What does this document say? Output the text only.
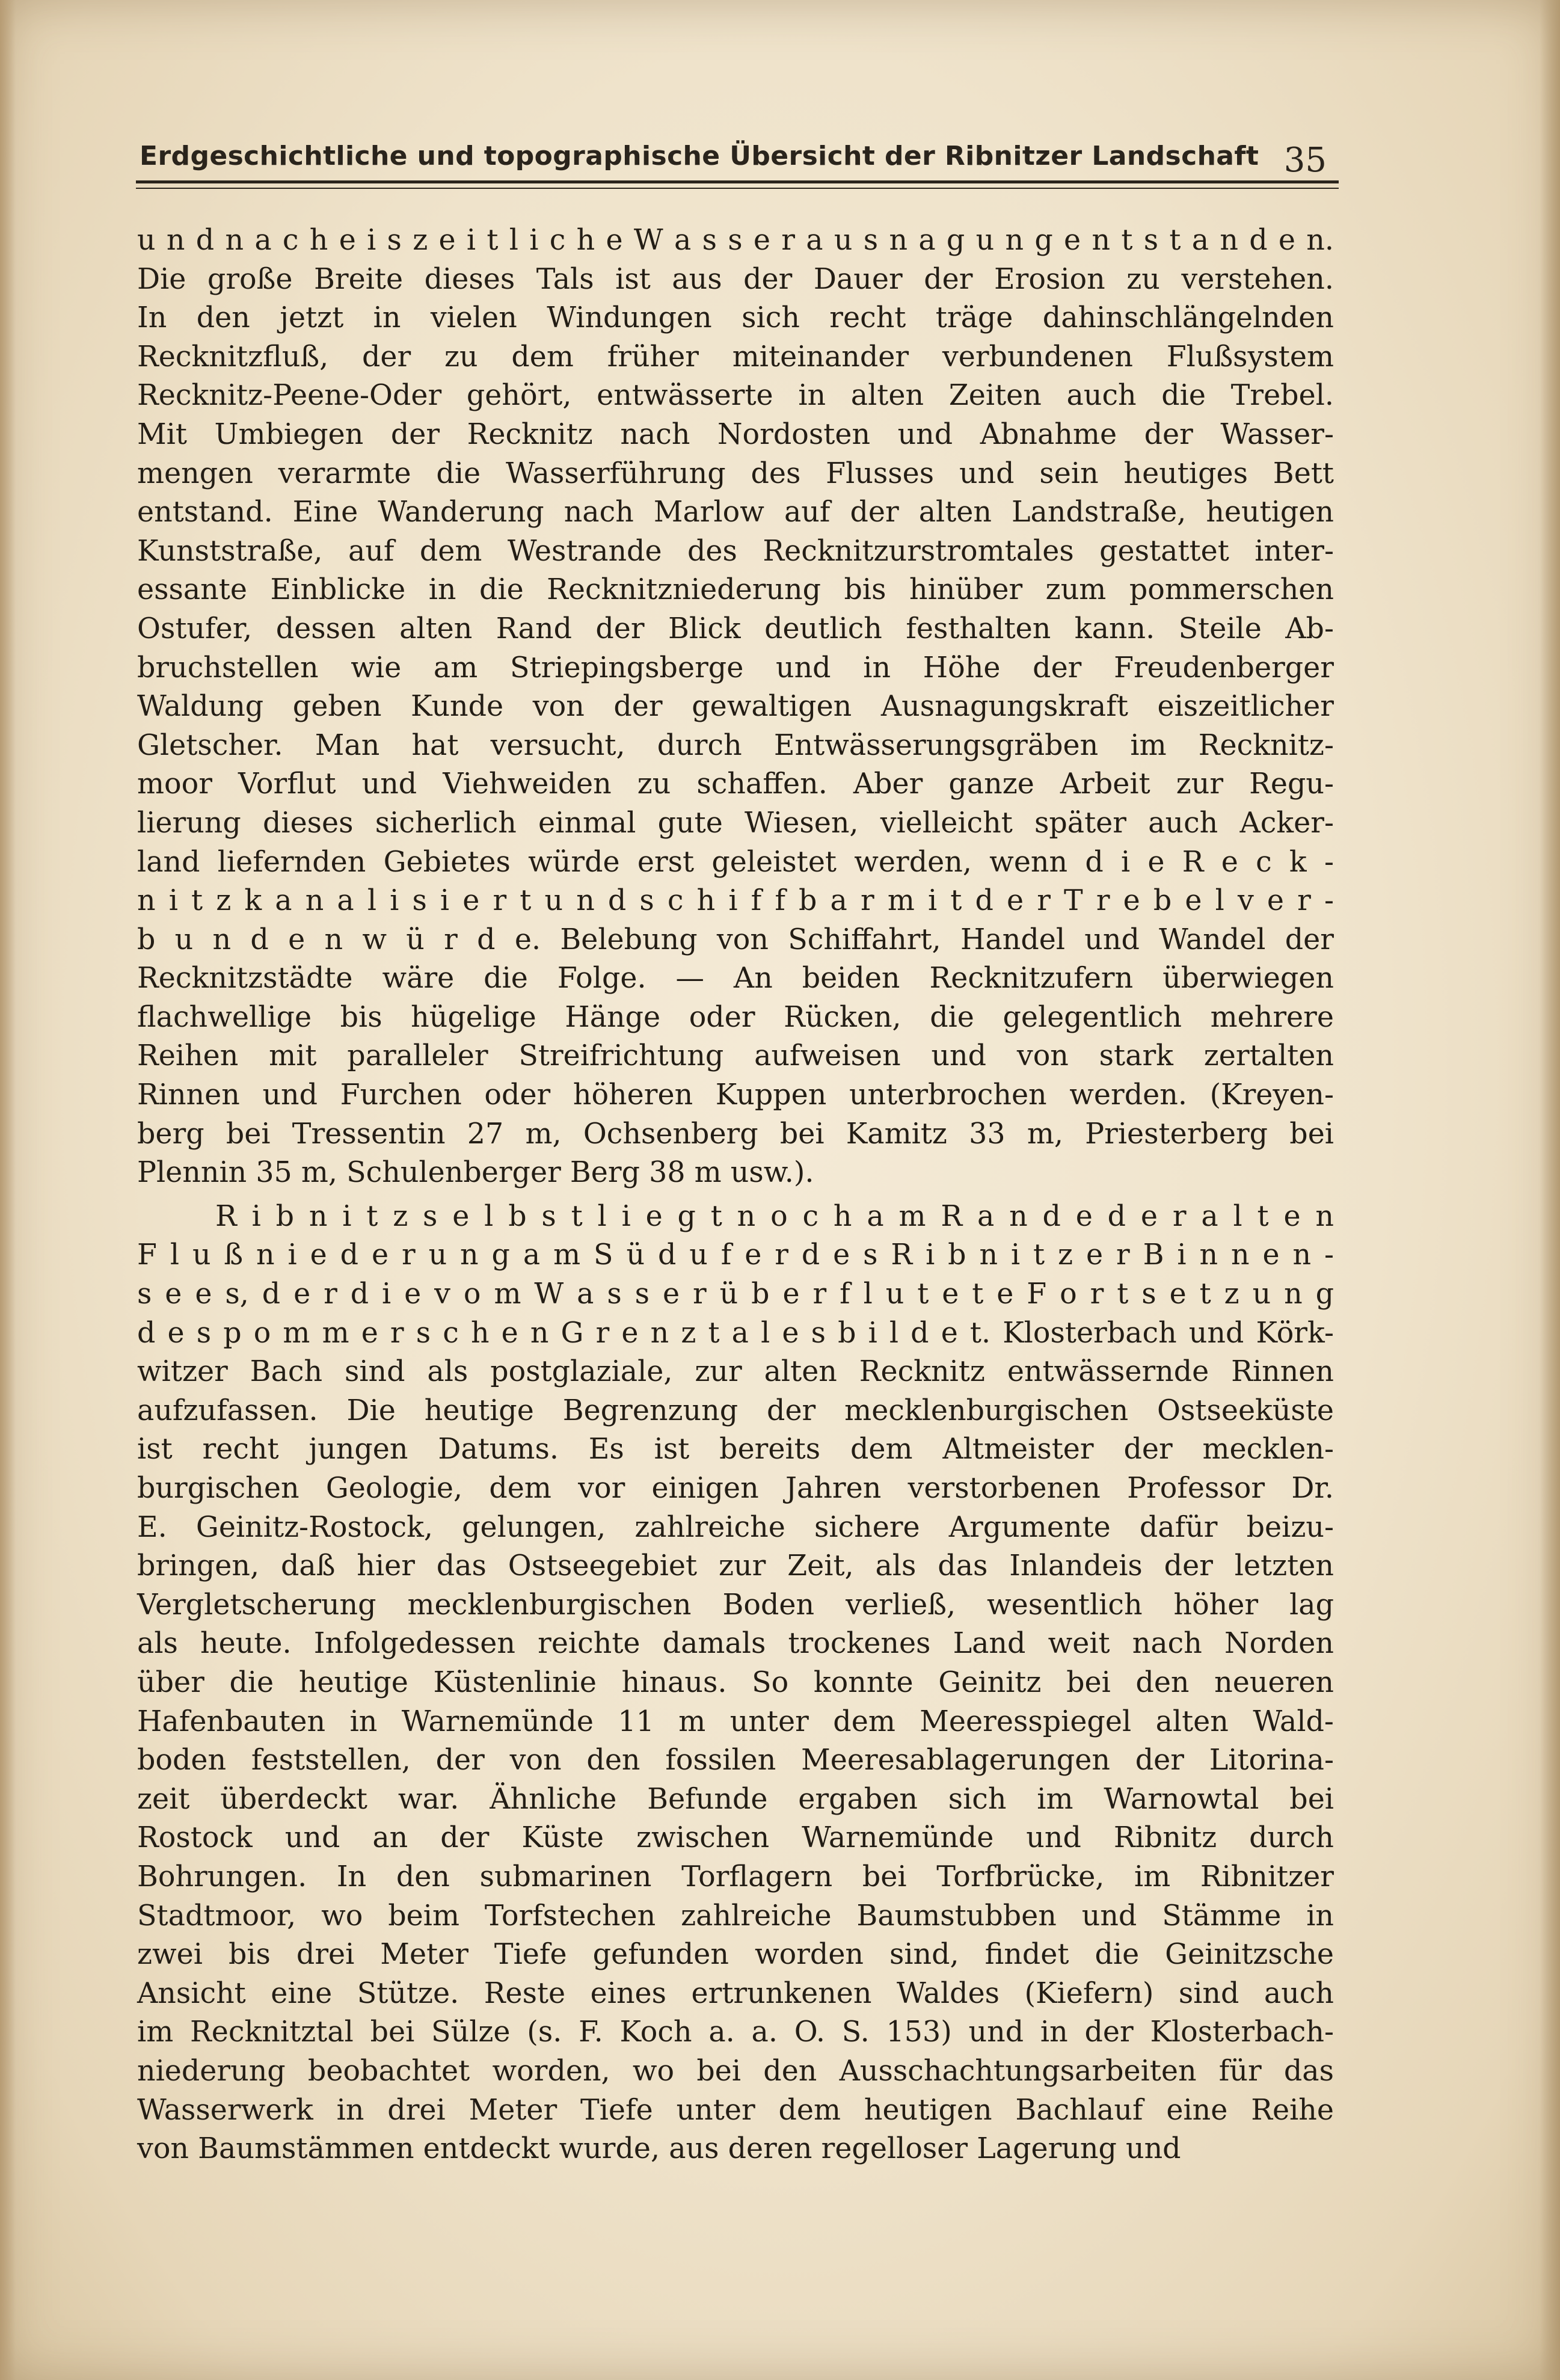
Erdgeschichtliche und topographische Übersicht der Ribnitzer Landschaft 35
u n d n a c h e i s z e i t l i c h e W a s s e r a u s n a g u n g e n t s t a n d e n.
Die große Breite dieses Tals ist aus der Dauer der Erosion zu verstehen.
In den jetzt in vielen Windungen sich recht träge dahinschlängelnden
Recknitzfluß, der zu dem früher miteinander verbundenen Flußsystem
Recknitz-Peene-Oder gehört, entwässerte in alten Zeiten auch die Trebel.
Mit Umbiegen der Recknitz nach Nordosten und Abnahme der Wasser-
mengen verarmte die Wasserführung des Flusses und sein heutiges Bett
entstand. Eine Wanderung nach Marlow auf der alten Landstraße, heutigen
Kunststraße, auf dem Westrande des Recknitzurstromtales gestattet inter-
essante Einblicke in die Recknitzniederung bis hinüber zum pommerschen
Ostufer, dessen alten Rand der Blick deutlich festhalten kann. Steile Ab-
bruchstellen wie am Striepingsberge und in Höhe der Freudenberger
Waldung geben Kunde von der gewaltigen Ausnagungskraft eiszeitlicher
Gletscher. Man hat versucht, durch Entwässerungsgräben im Recknitz-
moor Vorflut und Viehweiden zu schaffen. Aber ganze Arbeit zur Regu-
lierung dieses sicherlich einmal gute Wiesen, vielleicht später auch Acker-
land liefernden Gebietes würde erst geleistet werden, wenn d i e R e c k -
n i t z k a n a l i s i e r t u n d s c h i f f b a r m i t d e r T r e b e l v e r -
b u n d e n w ü r d e. Belebung von Schiffahrt, Handel und Wandel der
Recknitzstädte wäre die Folge. — An beiden Recknitzufern überwiegen
flachwellige bis hügelige Hänge oder Rücken, die gelegentlich mehrere
Reihen mit paralleler Streifrichtung aufweisen und von stark zertalten
Rinnen und Furchen oder höheren Kuppen unterbrochen werden. (Kreyen-
berg bei Tressentin 27 m, Ochsenberg bei Kamitz 33 m, Priesterberg bei
Plennin 35 m, Schulenberger Berg 38 m usw.).
R i b n i t z s e l b s t l i e g t n o c h a m R a n d e d e r a l t e n
F l u ß n i e d e r u n g a m S ü d u f e r d e s R i b n i t z e r B i n n e n -
s e e s, d e r d i e v o m W a s s e r ü b e r f l u t e t e F o r t s e t z u n g
d e s p o m m e r s c h e n G r e n z t a l e s b i l d e t. Klosterbach und Körk-
witzer Bach sind als postglaziale, zur alten Recknitz entwässernde Rinnen
aufzufassen. Die heutige Begrenzung der mecklenburgischen Ostseeküste
ist recht jungen Datums. Es ist bereits dem Altmeister der mecklen-
burgischen Geologie, dem vor einigen Jahren verstorbenen Professor Dr.
E. Geinitz-Rostock, gelungen, zahlreiche sichere Argumente dafür beizu-
bringen, daß hier das Ostseegebiet zur Zeit, als das Inlandeis der letzten
Vergletscherung mecklenburgischen Boden verließ, wesentlich höher lag
als heute. Infolgedessen reichte damals trockenes Land weit nach Norden
über die heutige Küstenlinie hinaus. So konnte Geinitz bei den neueren
Hafenbauten in Warnemünde 11 m unter dem Meeresspiegel alten Wald-
boden feststellen, der von den fossilen Meeresablagerungen der Litorina-
zeit überdeckt war. Ähnliche Befunde ergaben sich im Warnowtal bei
Rostock und an der Küste zwischen Warnemünde und Ribnitz durch
Bohrungen. In den submarinen Torflagern bei Torfbrücke, im Ribnitzer
Stadtmoor, wo beim Torfstechen zahlreiche Baumstubben und Stämme in
zwei bis drei Meter Tiefe gefunden worden sind, findet die Geinitzsche
Ansicht eine Stütze. Reste eines ertrunkenen Waldes (Kiefern) sind auch
im Recknitztal bei Sülze (s. F. Koch a. a. O. S. 153) und in der Klosterbach-
niederung beobachtet worden, wo bei den Ausschachtungsarbeiten für das
Wasserwerk in drei Meter Tiefe unter dem heutigen Bachlauf eine Reihe
von Baumstämmen entdeckt wurde, aus deren regelloser Lagerung und
